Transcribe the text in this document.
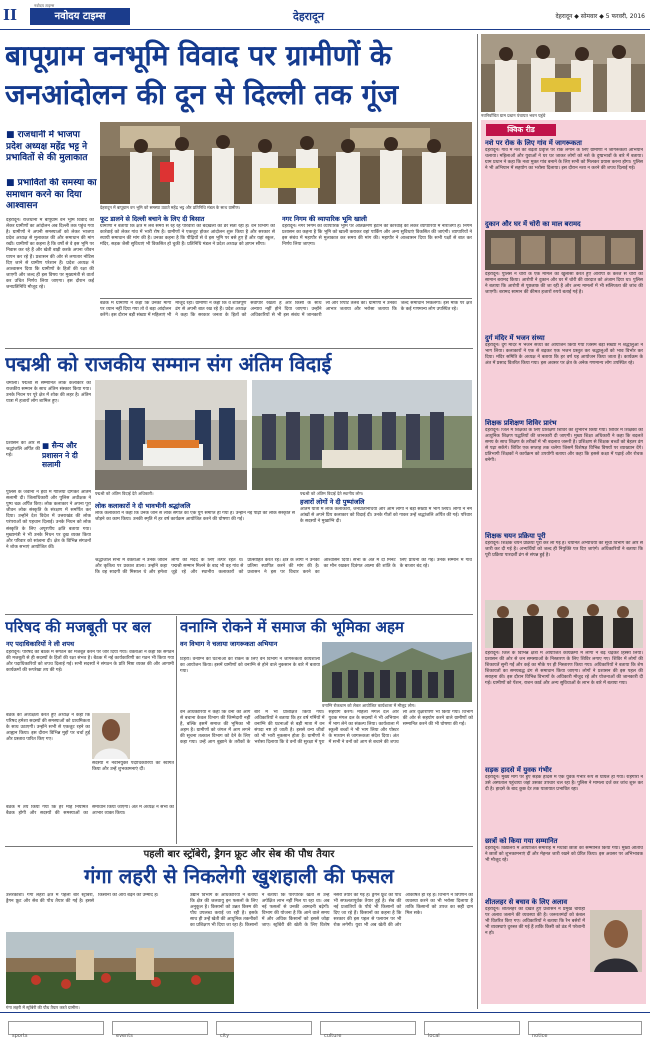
II
नवोदय टाइम्स
नवोदय टाइम्स	देहरादून	देहरादून ◆ सोमवार ◆ 5 फरवरी, 2016
बापूग्राम वनभूमि विवाद पर ग्रामीणों के
जनआंदोलन की दून से दिल्ली तक गूंज
■ राजधानी में भाजपा प्रदेश अध्यक्ष महेंद्र भट्ट ने प्रभावितों से की मुलाकात
■ प्रभावितों की समस्या का समाधान करने का दिया आश्वासन

देहरादून। राजधानी में बापूग्राम वन भूमि विवाद को लेकर ग्रामीणों का आंदोलन अब दिल्ली तक पहुंच गया है। ग्रामीणों ने अपनी समस्याओं को लेकर भाजपा प्रदेश अध्यक्ष से मुलाकात की और समाधान की मांग रखी। ग्रामीणों का कहना है कि वर्षों से वे इस भूमि पर निवास कर रहे हैं और खेती बाड़ी करके अपना जीवन यापन कर रहे हैं। प्रशासन की ओर से लगातार नोटिस दिए जाने से ग्रामीण परेशान हैं। प्रदेश अध्यक्ष ने आश्वासन दिया कि ग्रामीणों के हितों की रक्षा की जाएगी और जल्द ही इस विषय पर मुख्यमंत्री से वार्ता कर उचित निर्णय लिया जाएगा। इस दौरान कई जनप्रतिनिधि मौजूद रहे।

देहरादून में बापूग्राम वन भूमि को समस्या उठाते महेंद्र भट्ट और प्रतिनिधि मंडल के साथ ग्रामीण।
फूट डालने से दिल्ली बचाने के लिए दी बिसात	नगर निगम की व्यापारिक भूमि खाली

ग्रामीणों ने बताया कि क्षेत्र में लंबे समय से रह रहे परिवारों को बेदखली का डर सता रहा है। वन विभाग की कार्रवाई को लेकर गांव में भारी रोष है। ग्रामीणों ने एकजुट होकर आंदोलन शुरू किया है और सरकार से स्थायी समाधान की मांग की है। उनका कहना है कि पीढ़ियों से वे इस भूमि पर बसे हुए हैं और यहां स्कूल, मंदिर, सड़क जैसी सुविधाएं भी विकसित हो चुकी हैं। प्रतिनिधि मंडल ने प्रदेश अध्यक्ष को ज्ञापन सौंपा।

देहरादून। नगर निगम की व्यापारिक भूमि पर अतिक्रमण हटाने की कार्रवाई को लेकर व्यापारियों में नाराजगी है। निगम प्रशासन का कहना है कि भूमि को खाली कराकर वहां पार्किंग और अन्य सुविधाएं विकसित की जाएंगी। व्यापारियों ने इस संबंध में महापौर से मुलाकात कर समय की मांग की। महापौर ने आश्वासन दिया कि सभी पक्षों से बात कर निर्णय लिया जाएगा।

बैठक में ग्रामीणों ने कहा कि उनकी मांगों पर ध्यान नहीं दिया गया तो वे बड़ा आंदोलन करेंगे। इस दौरान बड़ी संख्या में महिलाएं भी मौजूद रहीं। ग्रामीणों ने कहा कि वे शांतिपूर्ण ढंग से अपनी बात रख रहे हैं। प्रदेश अध्यक्ष ने कहा कि सरकार जनता के हितों को सर्वोपरि रखती है और किसी के साथ अन्याय नहीं होने दिया जाएगा। उन्होंने अधिकारियों से भी इस संबंध में जानकारी ली और रिपोर्ट तलब की। ग्रामीणों ने उनका आभार जताया और भरोसा जताया कि जल्द समाधान निकलेगा। इस मौके पर क्षेत्र के कई गणमान्य लोग उपस्थित रहे।

नवनिर्वाचित ग्राम प्रधान पंचायत भवन पहुंचे
क्विक रीड
नशे पर रोक के लिए गांव में जागरूकता

देहरादून। गांव में नशे की बढ़ती प्रवृत्ति पर रोक लगाने के लिए ग्रामीणों ने जागरूकता अभियान चलाया। महिलाओं और युवाओं ने घर घर जाकर लोगों को नशे के दुष्प्रभावों के बारे में बताया। ग्राम प्रधान ने कहा कि नशा मुक्त गांव बनाने के लिए सभी को मिलकर प्रयास करना होगा। पुलिस ने भी अभियान में सहयोग का भरोसा दिलाया। इस दौरान नशा न करने की शपथ दिलाई गई।

दुकान और घर में चोरी का माल बरामद

देहरादून। पुलिस ने चोरी के एक मामले का खुलासा करते हुए आरोपी के कब्जे से चोरी का सामान बरामद किया। आरोपी ने दुकान और घर में चोरी की वारदात को अंजाम दिया था। पुलिस ने बताया कि आरोपी से पूछताछ की जा रही है और अन्य मामलों में भी संलिप्तता की जांच की जाएगी। बरामद सामान की कीमत हजारों रुपये बताई गई है।

दुर्ग मंदिर में भजन संध्या

देहरादून। दुर्ग मंदिर में भजन संध्या का आयोजन किया गया जिसमें बड़ी संख्या में श्रद्धालुओं ने भाग लिया। कलाकारों ने एक से बढ़कर एक भजन प्रस्तुत कर श्रद्धालुओं को भाव विभोर कर दिया। मंदिर समिति के अध्यक्ष ने बताया कि हर वर्ष यह आयोजन किया जाता है। कार्यक्रम के अंत में प्रसाद वितरित किया गया। इस अवसर पर क्षेत्र के अनेक गणमान्य लोग उपस्थित रहे।

शिक्षक प्रशिक्षण शिविर प्रारंभ

देहरादून। जिले में शिक्षकों के लिए प्रशिक्षण शिविर का शुभारंभ किया गया। शिविर में शिक्षकों को आधुनिक शिक्षण पद्धतियों की जानकारी दी जाएगी। मुख्य शिक्षा अधिकारी ने कहा कि बदलते समय के साथ शिक्षण के तरीकों में भी बदलाव जरूरी है। प्रशिक्षण से शिक्षक बच्चों को बेहतर ढंग से पढ़ा सकेंगे। शिविर एक सप्ताह तक चलेगा जिसमें विशेषज्ञ विभिन्न विषयों पर व्याख्यान देंगे। प्रतिभागी शिक्षकों ने कार्यक्रम को उपयोगी बताया और कहा कि इससे कक्षा में पढ़ाई और रोचक बनेगी।

शिक्षक चयन प्रक्रिया पूरी

देहरादून। शिक्षक चयन प्रक्रिया पूरी कर ली गई है। चयनित अभ्यर्थियों की सूची विभाग की ओर से जारी कर दी गई है। अभ्यर्थियों को जल्द ही नियुक्ति पत्र दिए जाएंगे। अधिकारियों ने बताया कि पूरी प्रक्रिया पारदर्शी ढंग से संपन्न हुई है।

देहरादून। जिले के विभिन्न क्षेत्रों में आयोजित कार्यक्रमों में लोगों ने बढ़ चढ़कर हिस्सा लिया। प्रशासन की ओर से जन समस्याओं के निस्तारण के लिए शिविर लगाए गए। शिविर में लोगों की शिकायतें सुनी गईं और कई का मौके पर ही निस्तारण किया गया। अधिकारियों ने बताया कि शेष शिकायतों का समयबद्ध ढंग से समाधान किया जाएगा। लोगों ने प्रशासन की इस पहल की सराहना की। इस दौरान विभिन्न विभागों के अधिकारी मौजूद रहे और योजनाओं की जानकारी दी गई। ग्रामीणों को पेंशन, राशन कार्ड और अन्य सुविधाओं के लाभ के बारे में बताया गया।

सड़क हादसे में युवक गंभीर

देहरादून। मुख्य मार्ग पर हुए सड़क हादसे में एक युवक गंभीर रूप से घायल हो गया। राहगीरों ने उसे अस्पताल पहुंचाया जहां उसका उपचार चल रहा है। पुलिस ने मामला दर्ज कर जांच शुरू कर दी है। हादसे के बाद कुछ देर तक यातायात प्रभावित रहा।

छात्रों को किया गया सम्मानित

देहरादून। विद्यालय में आयोजित समारोह में मेधावी छात्रों को सम्मानित किया गया। मुख्य अतिथि ने छात्रों को शुभकामनाएं दीं और मेहनत जारी रखने को प्रेरित किया। इस अवसर पर अभिभावक भी मौजूद रहे।

शीतलहर से बचाव के लिए अलाव

देहरादून। शीतलहर को देखते हुए प्रशासन ने प्रमुख चौराहों पर अलाव जलाने की व्यवस्था की है। जरूरतमंदों को कंबल भी वितरित किए गए। अधिकारियों ने बताया कि रैन बसेरों में भी व्यवस्थाएं दुरुस्त की गई हैं ताकि किसी को ठंड में परेशानी न हो।

पद्मश्री को राजकीय सम्मान संग अंतिम विदाई

चमोली। पद्मश्री से सम्मानित लोक कलाकार का राजकीय सम्मान के साथ अंतिम संस्कार किया गया। उनके निधन पर पूरे क्षेत्र में शोक की लहर है। अंतिम यात्रा में हजारों लोग शामिल हुए।

■ सैन्य और प्रशासन ने दी सलामी

प्रशासन की ओर से श्रद्धांजलि अर्पित की गई।

पुलिस के जवानों ने हवा में गोलियां दागकर अंतिम सलामी दी। जिलाधिकारी और पुलिस अधीक्षक ने पुष्प चक्र अर्पित किए। लोक कलाकार ने अपना पूरा जीवन लोक संस्कृति के संरक्षण में समर्पित कर दिया। उन्होंने देश विदेश में उत्तराखंड की लोक परंपराओं को पहचान दिलाई। उनके निधन को लोक संस्कृति के लिए अपूरणीय क्षति बताया गया। मुख्यमंत्री ने भी उनके निधन पर दुख व्यक्त किया और परिवार को सांत्वना दी। क्षेत्र के विभिन्न संगठनों ने शोक सभाएं आयोजित कीं।

पद्मश्री को अंतिम विदाई देते अधिकारी।	पद्मश्री को अंतिम विदाई देते स्थानीय लोग।
हजारों लोगों ने दी पुष्पांजलि

अंतिम यात्रा में लोक कलाकारों, जनप्रतिनिधियों और आम लोगों ने बड़ी संख्या में भाग लिया। लोगों ने नम आंखों से अपने प्रिय कलाकार को विदाई दी। उनके गीतों को गाकर उन्हें श्रद्धांजलि अर्पित की गई। परिवार के सदस्यों ने मुखाग्नि दी।

लोक कलाकारों ने दी भावभीनी श्रद्धांजलि

लोक कलाकारों ने कहा कि उनके जाने से लोक संगीत का एक युग समाप्त हो गया है। उन्होंने नई पीढ़ी को लोक संस्कृति से जोड़ने का काम किया। उनकी स्मृति में हर वर्ष कार्यक्रम आयोजित करने की घोषणा की गई।

श्रद्धांजलि सभा में वक्ताओं ने उनके जीवन और कृतित्व पर प्रकाश डाला। उन्होंने कहा कि वह सादगी की मिसाल थे और हमेशा लोगों की मदद के लिए तत्पर रहते थे। पद्मश्री सम्मान मिलने के बाद भी वह गांव से जुड़े रहे और स्थानीय कलाकारों को प्रोत्साहित करते रहे। क्षेत्र के लोगों ने उनकी प्रतिमा स्थापित करने की मांग की है। प्रशासन ने इस पर विचार करने का आश्वासन दिया। सभा के अंत में दो मिनट का मौन रखकर दिवंगत आत्मा की शांति के लिए प्रार्थना की गई। उनके सम्मान में गांव के बाजार बंद रहे।

परिषद की मजबूती पर बल
नए पदाधिकारियों ने ली शपथ

देहरादून। परिषद की बैठक में संगठन को मजबूत करने पर जोर दिया गया। वक्ताओं ने कहा कि संगठन की मजबूती से ही सदस्यों के हितों की रक्षा संभव है। बैठक में नई कार्यकारिणी का गठन भी किया गया और पदाधिकारियों को शपथ दिलाई गई। सभी सदस्यों ने संगठन के प्रति निष्ठा व्यक्त की और आगामी कार्यक्रमों की रूपरेखा तय की गई।

बैठक की अध्यक्षता करते हुए अध्यक्ष ने कहा कि परिषद हमेशा सदस्यों की समस्याओं को प्राथमिकता के साथ उठाएगी। उन्होंने सभी से एकजुट रहने का आह्वान किया। इस दौरान विभिन्न मुद्दों पर चर्चा हुई और प्रस्ताव पारित किए गए।

सदस्यों ने नवनियुक्त पदाधिकारियों का स्वागत किया और उन्हें शुभकामनाएं दीं।

बैठक में तय किया गया कि हर माह नियमित बैठक होगी और सदस्यों की समस्याओं का समाधान किया जाएगा। अंत में अध्यक्ष ने सभी का आभार व्यक्त किया।

वनाग्नि रोकने में समाज की भूमिका अहम
वन विभाग ने चलाया जागरूकता अभियान

टिहरी। वनाग्नि की घटनाओं को रोकने के लिए वन विभाग ने जागरूकता कार्यशाला का आयोजन किया। इसमें ग्रामीणों को वनाग्नि से होने वाले नुकसान के बारे में बताया गया।

वनाग्नि रोकथाम को लेकर आयोजित कार्यशाला में मौजूद लोग।

वन अधिकारियों ने कहा कि वनों को आग से बचाना केवल विभाग की जिम्मेदारी नहीं है, बल्कि इसमें समाज की भूमिका भी अहम है। ग्रामीणों को जंगल में आग लगने की सूचना तत्काल विभाग को देने के लिए कहा गया। उन्हें आग बुझाने के तरीकों के बारे में भी प्रशिक्षित किया गया। अधिकारियों ने बताया कि हर वर्ष गर्मियों में वनाग्नि की घटनाओं से बड़ी मात्रा में वन संपदा नष्ट हो जाती है। इससे वन्य जीवों को भी भारी नुकसान होता है। ग्रामीणों ने भरोसा दिलाया कि वे वनों की सुरक्षा में पूरा सहयोग करेंगे। महिला मंगल दल और युवक मंगल दल के सदस्यों ने भी अभियान में भाग लेने का संकल्प लिया। कार्यशाला में स्कूली बच्चों ने भी भाग लिया और पोस्टर के माध्यम से जागरूकता संदेश दिया। अंत में सभी ने वनों को आग से बचाने की शपथ ली और वृक्षारोपण भी किया गया। विभाग की ओर से सहयोग करने वाले ग्रामीणों को सम्मानित करने की भी घोषणा की गई।

पहली बार स्ट्रॉबेरी, ड्रैगन फ्रूट और सेब की पौध तैयार
गंगा लहरी से निकलेगी खुशहाली की फसल

उत्तरकाशी। गंगा लहरी क्षेत्र में पहली बार स्ट्रॉबेरी, ड्रैगन फ्रूट और सेब की पौध तैयार की गई है। इससे किसानों की आय बढ़ने की उम्मीद है।

गंगा लहरी में स्ट्रॉबेरी की पौध तैयार करते ग्रामीण।

उद्यान विभाग के अधिकारियों ने बताया कि क्षेत्र की जलवायु इन फसलों के लिए अनुकूल है। किसानों को उन्नत किस्म की पौध उपलब्ध कराई जा रही है। इसके साथ ही उन्हें खेती की आधुनिक तकनीकों का प्रशिक्षण भी दिया जा रहा है। किसानों ने बताया कि पारंपरिक खेती से उन्हें अपेक्षित लाभ नहीं मिल पा रहा था। अब नई फसलों से उनकी आमदनी बढ़ेगी। विभाग की योजना है कि आने वाले समय में और अधिक किसानों को इससे जोड़ा जाए। स्ट्रॉबेरी की खेती के लिए विशेष नर्सरी तैयार की गई है। ड्रैगन फ्रूट की पौध भी सफलतापूर्वक तैयार हुई है। सेब की नई प्रजातियों के पौधे भी किसानों को दिए जा रहे हैं। किसानों का कहना है कि सरकार की इस पहल से पलायन पर भी रोक लगेगी। युवा भी अब खेती की ओर आकर्षित हो रहे हैं। विभाग ने विपणन की व्यवस्था करने का भी भरोसा दिलाया है ताकि किसानों को उपज का सही दाम मिल सके।

sports	events	city	culture	local	notice
